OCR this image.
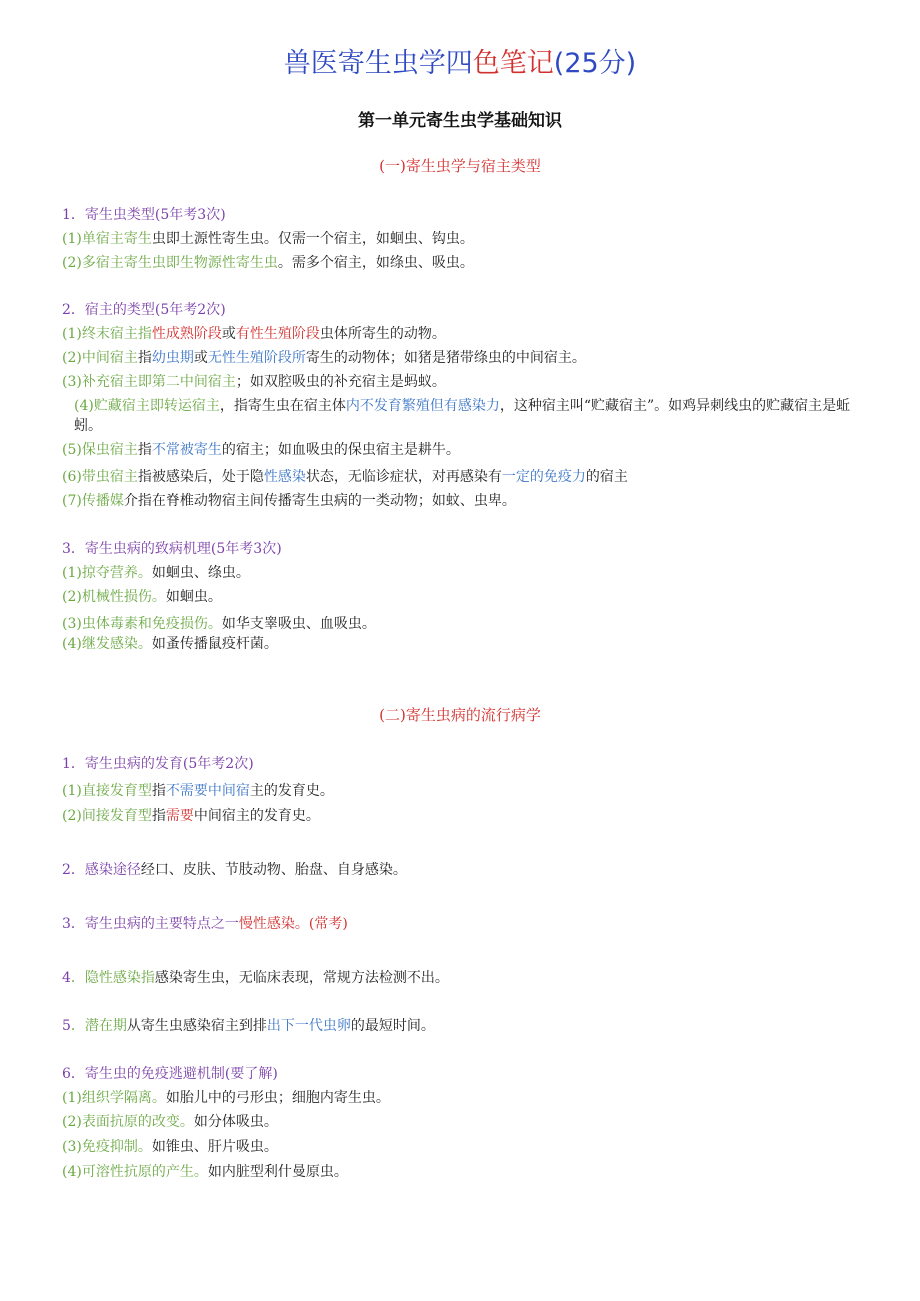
兽医寄生虫学四色笔记(25分)
第一单元寄生虫学基础知识
(一)寄生虫学与宿主类型
1．寄生虫类型(5年考3次)
(1)单宿主寄生虫即土源性寄生虫。仅需一个宿主，如蛔虫、钩虫。
(2)多宿主寄生虫即生物源性寄生虫。需多个宿主，如绦虫、吸虫。
2．宿主的类型(5年考2次)
(1)终末宿主指性成熟阶段或有性生殖阶段虫体所寄生的动物。
(2)中间宿主指幼虫期或无性生殖阶段所寄生的动物体；如猪是猪带绦虫的中间宿主。
(3)补充宿主即第二中间宿主；如双腔吸虫的补充宿主是蚂蚁。
(4)贮藏宿主即转运宿主，指寄生虫在宿主体内不发育繁殖但有感染力，这种宿主叫“贮藏宿主”。如鸡异刺线虫的贮藏宿主是蚯蚓。
(5)保虫宿主指不常被寄生的宿主；如血吸虫的保虫宿主是耕牛。
(6)带虫宿主指被感染后，处于隐性感染状态，无临诊症状，对再感染有一定的免疫力的宿主
(7)传播媒介指在脊椎动物宿主间传播寄生虫病的一类动物；如蚊、虫卑。
3．寄生虫病的致病机理(5年考3次)
(1)掠夺营养。如蛔虫、绦虫。
(2)机械性损伤。如蛔虫。
(3)虫体毒素和免疫损伤。如华支睾吸虫、血吸虫。
(4)继发感染。如蚤传播鼠疫杆菌。
(二)寄生虫病的流行病学
1．寄生虫病的发育(5年考2次)
(1)直接发育型指不需要中间宿主的发育史。
(2)间接发育型指需要中间宿主的发育史。
2．感染途径经口、皮肤、节肢动物、胎盘、自身感染。
3．寄生虫病的主要特点之一慢性感染。(常考)
4．隐性感染指感染寄生虫，无临床表现，常规方法检测不出。
5．潜在期从寄生虫感染宿主到排出下一代虫卵的最短时间。
6．寄生虫的免疫逃避机制(要了解)
(1)组织学隔离。如胎儿中的弓形虫；细胞内寄生虫。
(2)表面抗原的改变。如分体吸虫。
(3)免疫抑制。如锥虫、肝片吸虫。
(4)可溶性抗原的产生。如内脏型利什曼原虫。
